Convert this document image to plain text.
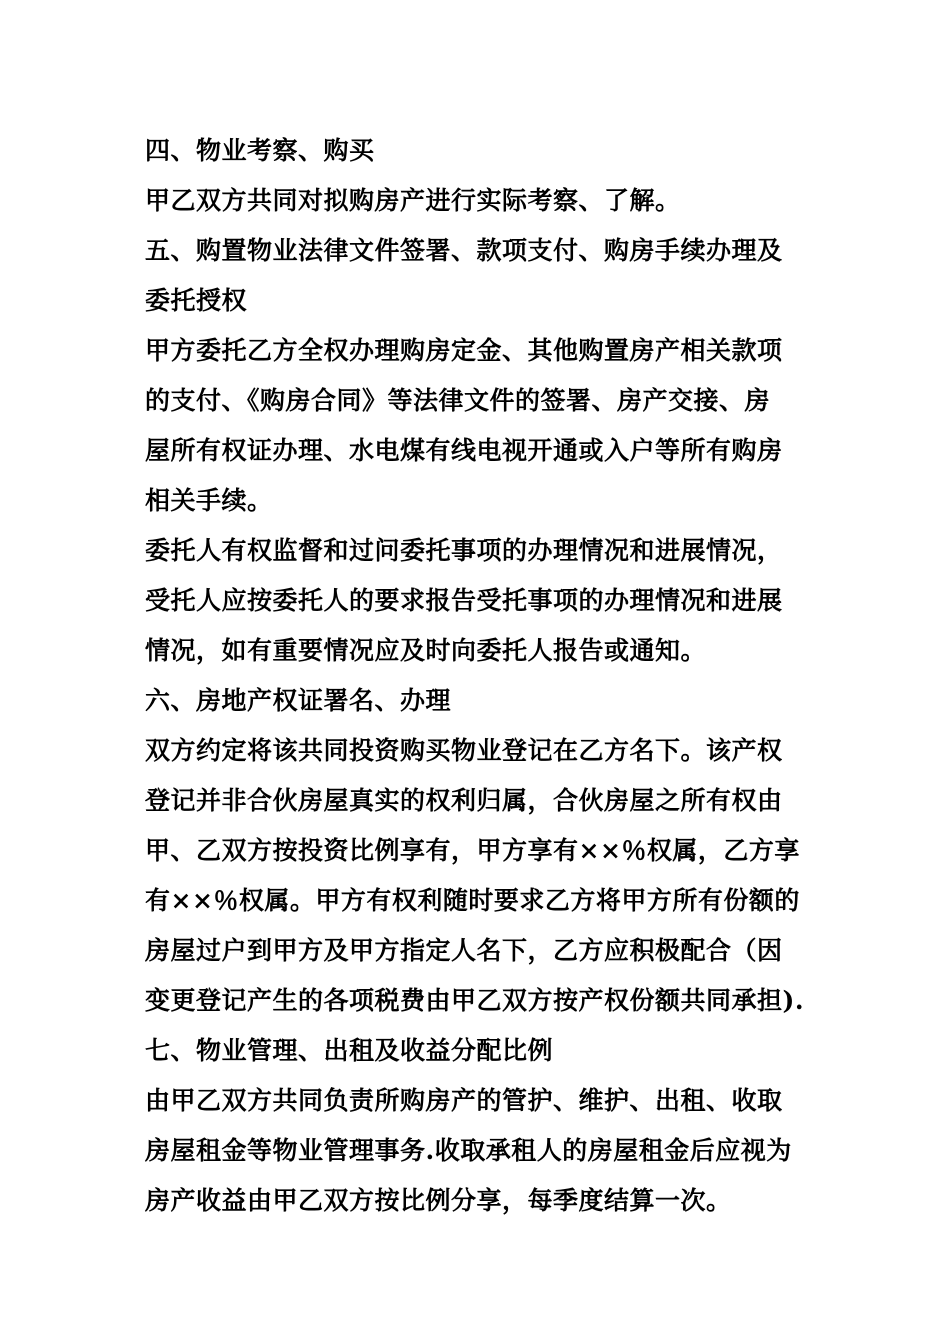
四、物业考察、购买
甲乙双方共同对拟购房产进行实际考察、了解。
五、购置物业法律文件签署、款项支付、购房手续办理及
委托授权
甲方委托乙方全权办理购房定金、其他购置房产相关款项
的支付、《购房合同》等法律文件的签署、房产交接、房
屋所有权证办理、水电煤有线电视开通或入户等所有购房
相关手续。
委托人有权监督和过问委托事项的办理情况和进展情况，
受托人应按委托人的要求报告受托事项的办理情况和进展
情况，如有重要情况应及时向委托人报告或通知。
六、房地产权证署名、办理
双方约定将该共同投资购买物业登记在乙方名下。该产权
登记并非合伙房屋真实的权利归属，合伙房屋之所有权由
甲、乙双方按投资比例享有，甲方享有××％权属，乙方享
有××％权属。甲方有权利随时要求乙方将甲方所有份额的
房屋过户到甲方及甲方指定人名下，乙方应积极配合（因
变更登记产生的各项税费由甲乙双方按产权份额共同承担).
七、物业管理、出租及收益分配比例
由甲乙双方共同负责所购房产的管护、维护、出租、收取
房屋租金等物业管理事务.收取承租人的房屋租金后应视为
房产收益由甲乙双方按比例分享，每季度结算一次。
